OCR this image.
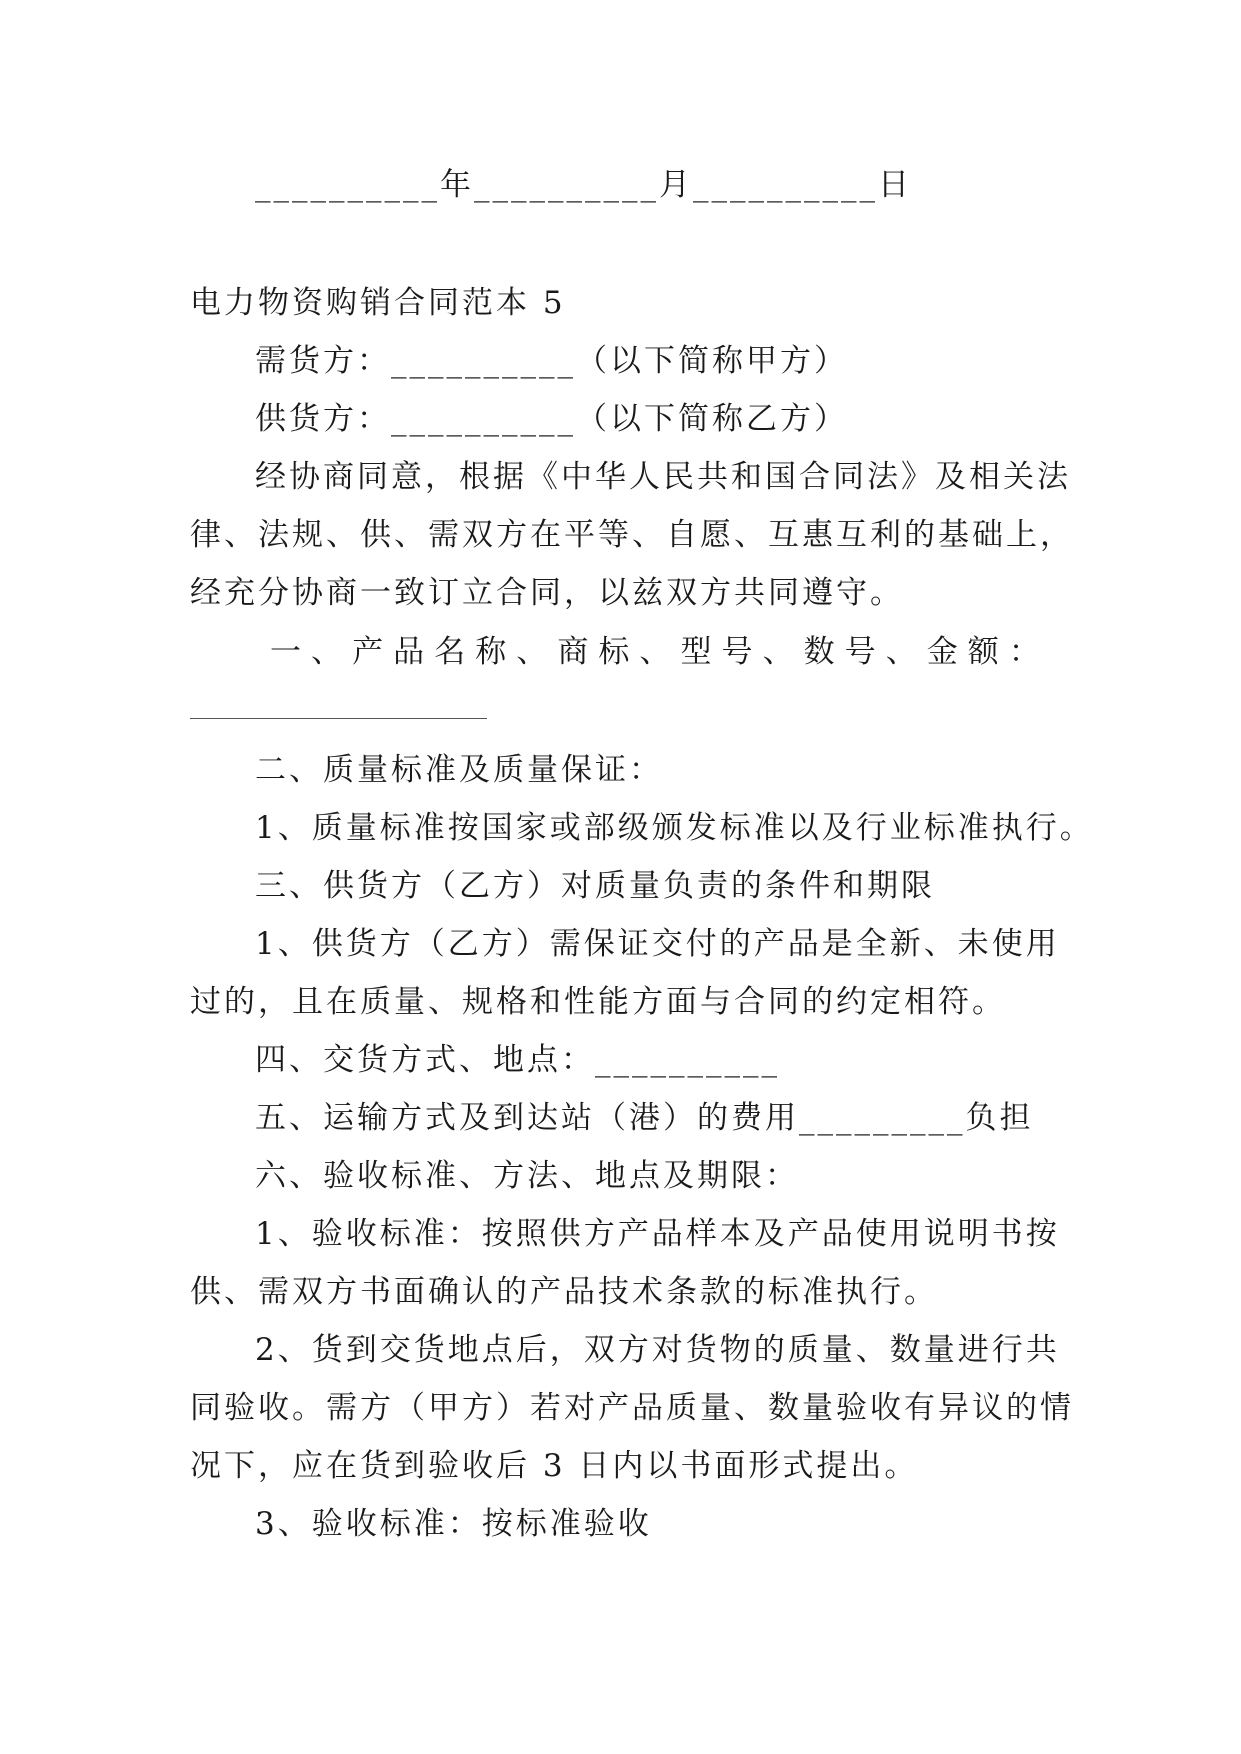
__________年__________月__________日
电力物资购销合同范本 5
需货方：__________（以下简称甲方）
供货方：__________（以下简称乙方）
经协商同意，根据《中华人民共和国合同法》及相关法
律、法规、供、需双方在平等、自愿、互惠互利的基础上，
经充分协商一致订立合同，以兹双方共同遵守。
一 、 产 品 名 称 、 商 标 、 型 号 、 数 号 、 金 额 ：
二、质量标准及质量保证：
1、质量标准按国家或部级颁发标准以及行业标准执行。
三、供货方（乙方）对质量负责的条件和期限
1、供货方（乙方）需保证交付的产品是全新、未使用
过的，且在质量、规格和性能方面与合同的约定相符。
四、交货方式、地点：__________
五、运输方式及到达站（港）的费用_________负担
六、验收标准、方法、地点及期限：
1、验收标准：按照供方产品样本及产品使用说明书按
供、需双方书面确认的产品技术条款的标准执行。
2、货到交货地点后，双方对货物的质量、数量进行共
同验收。需方（甲方）若对产品质量、数量验收有异议的情
况下，应在货到验收后 3 日内以书面形式提出。
3、验收标准：按标准验收
